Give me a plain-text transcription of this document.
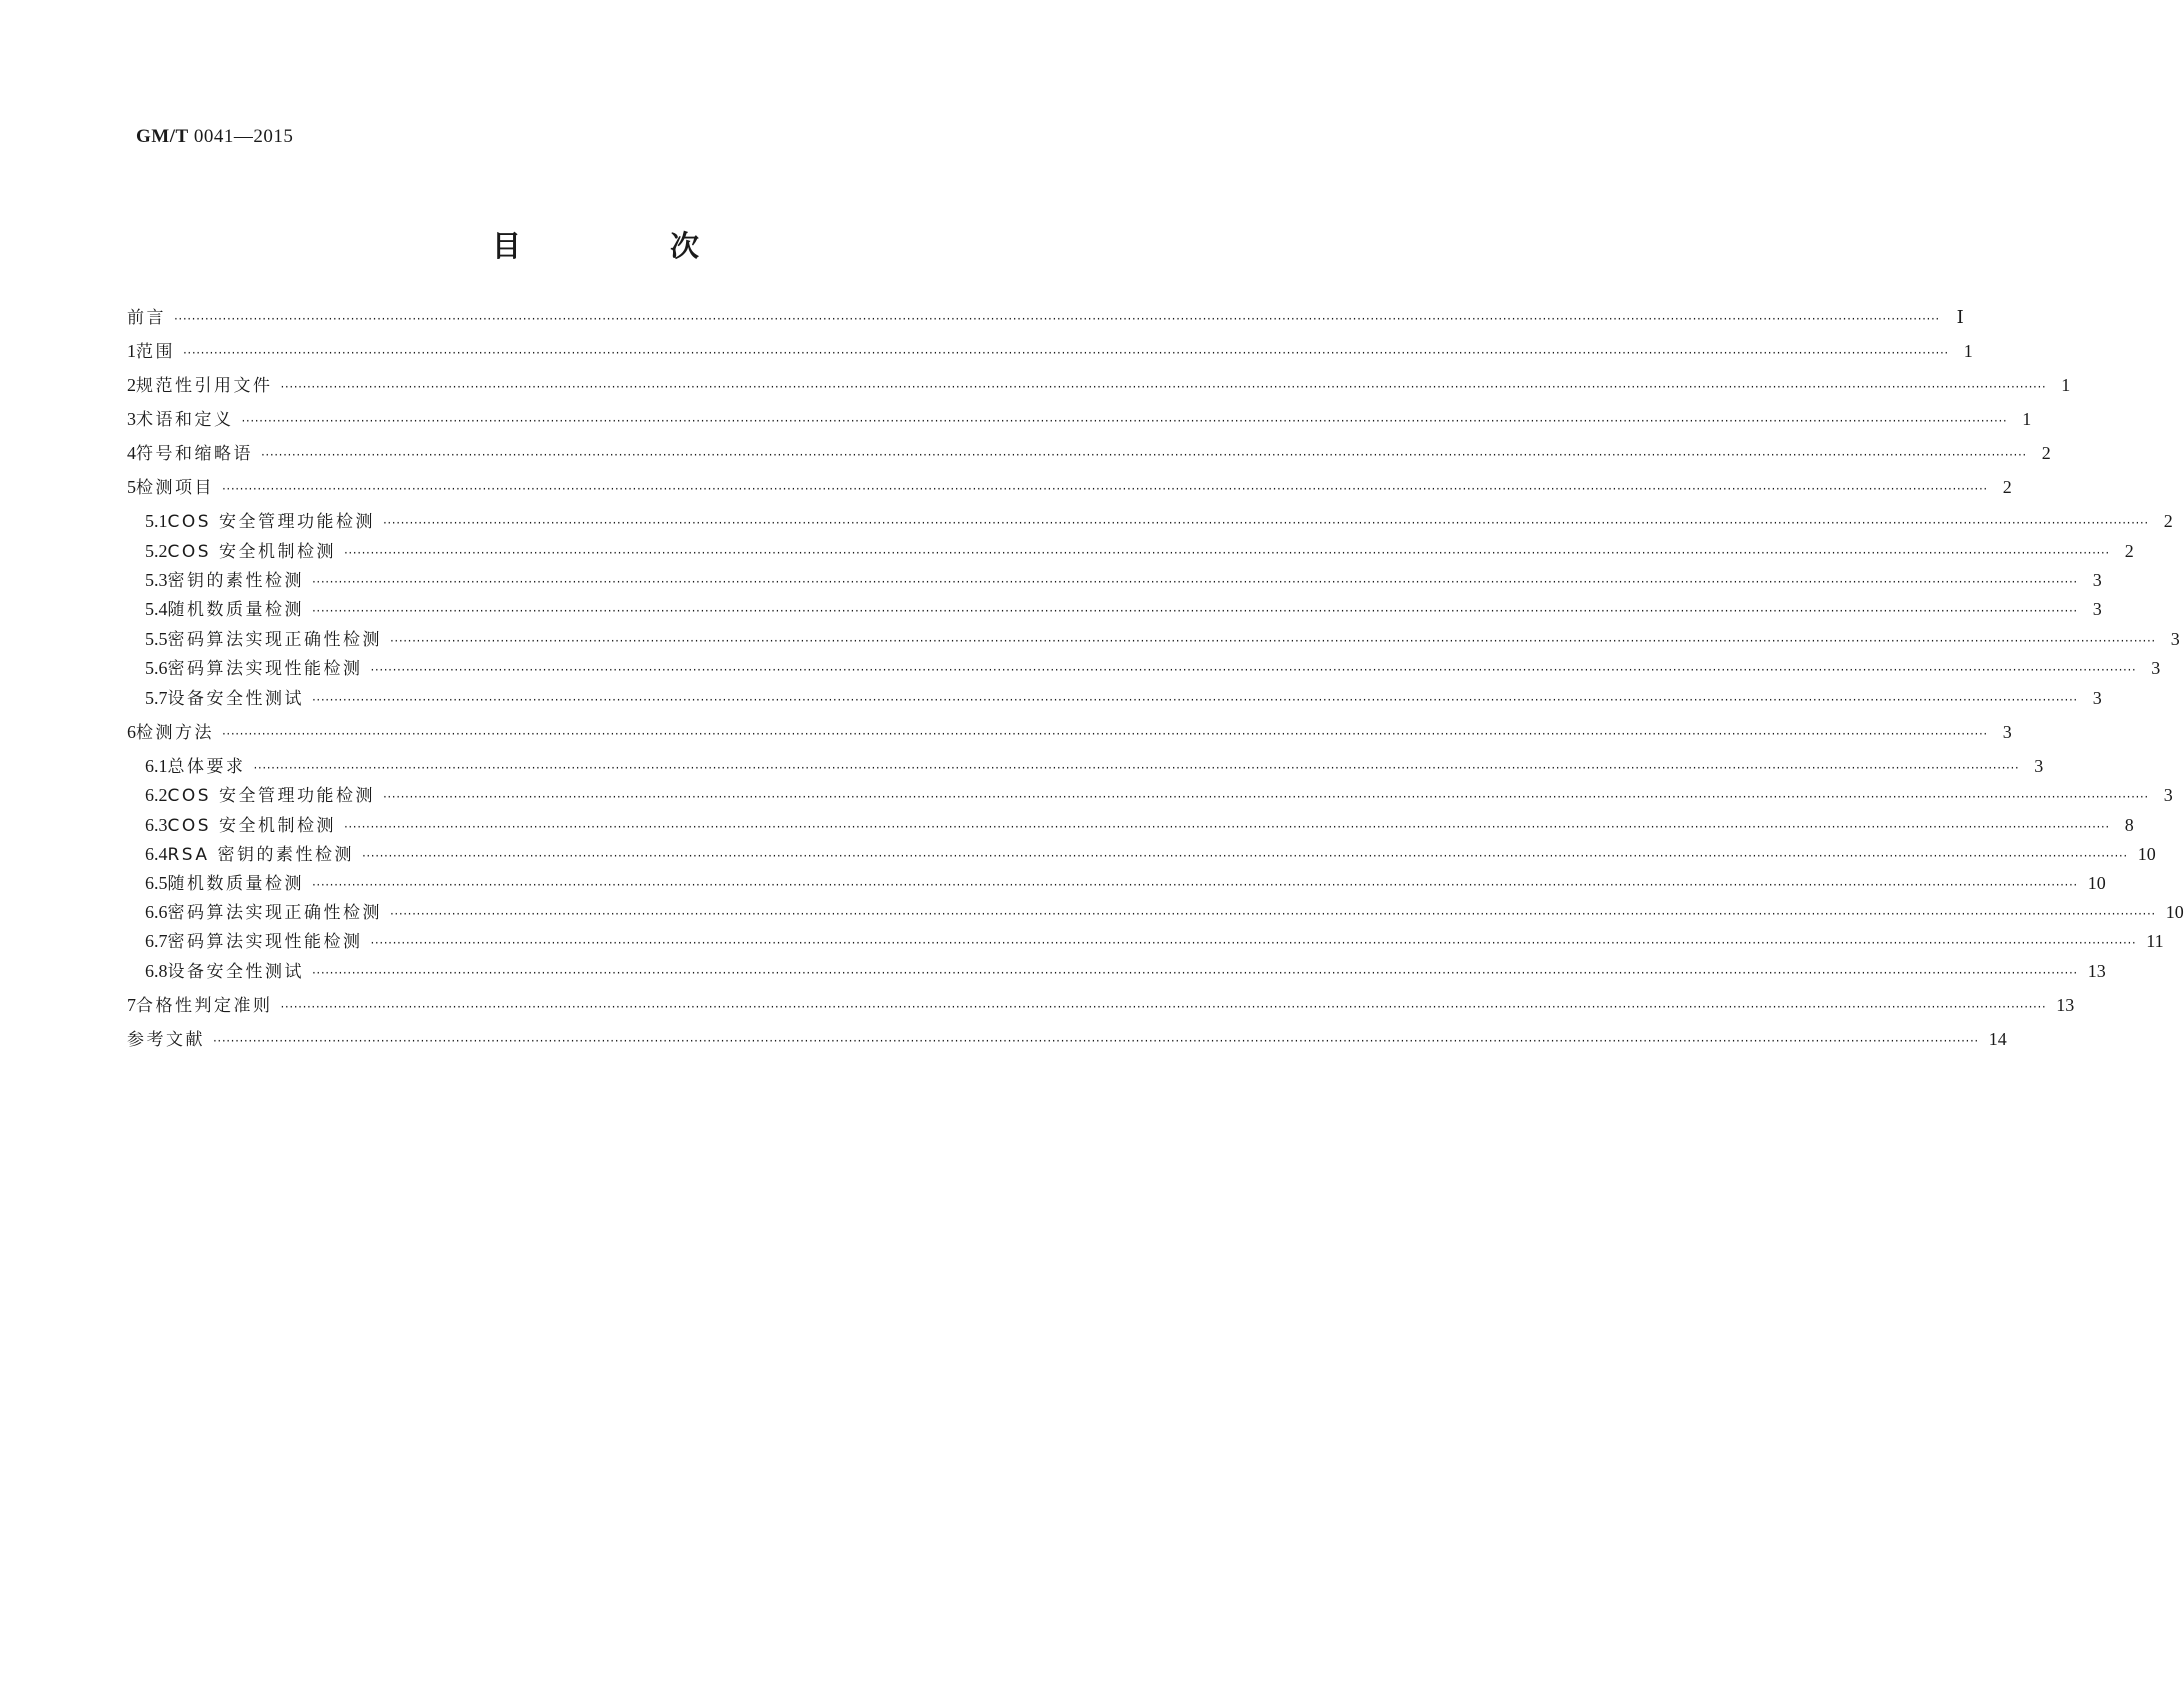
GM/T 0041—2015
目　次
前言 ················································································································································································································································································································································································································ Ⅰ
1 范围 ················································································································································································································································································································································································································ 1
2 规范性引用文件 ················································································································································································································································································································································································································ 1
3 术语和定义 ················································································································································································································································································································································································································ 1
4 符号和缩略语 ················································································································································································································································································································································································································ 2
5 检测项目 ················································································································································································································································································································································································································ 2
5.1 COS 安全管理功能检测 ················································································································································································································································································································································································································ 2
5.2 COS 安全机制检测 ················································································································································································································································································································································································································ 2
5.3 密钥的素性检测 ················································································································································································································································································································································································································ 3
5.4 随机数质量检测 ················································································································································································································································································································································································································ 3
5.5 密码算法实现正确性检测 ················································································································································································································································································································································································································ 3
5.6 密码算法实现性能检测 ················································································································································································································································································································································································································ 3
5.7 设备安全性测试 ················································································································································································································································································································································································································ 3
6 检测方法 ················································································································································································································································································································································································································ 3
6.1 总体要求 ················································································································································································································································································································································································································ 3
6.2 COS 安全管理功能检测 ················································································································································································································································································································································································································ 3
6.3 COS 安全机制检测 ················································································································································································································································································································································································································ 8
6.4 RSA 密钥的素性检测 ················································································································································································································································································································································································································ 10
6.5 随机数质量检测 ················································································································································································································································································································································································································ 10
6.6 密码算法实现正确性检测 ················································································································································································································································································································································································································ 10
6.7 密码算法实现性能检测 ················································································································································································································································································································································································································ 11
6.8 设备安全性测试 ················································································································································································································································································································································································································ 13
7 合格性判定准则 ················································································································································································································································································································································································································ 13
参考文献 ················································································································································································································································································································································································································ 14
